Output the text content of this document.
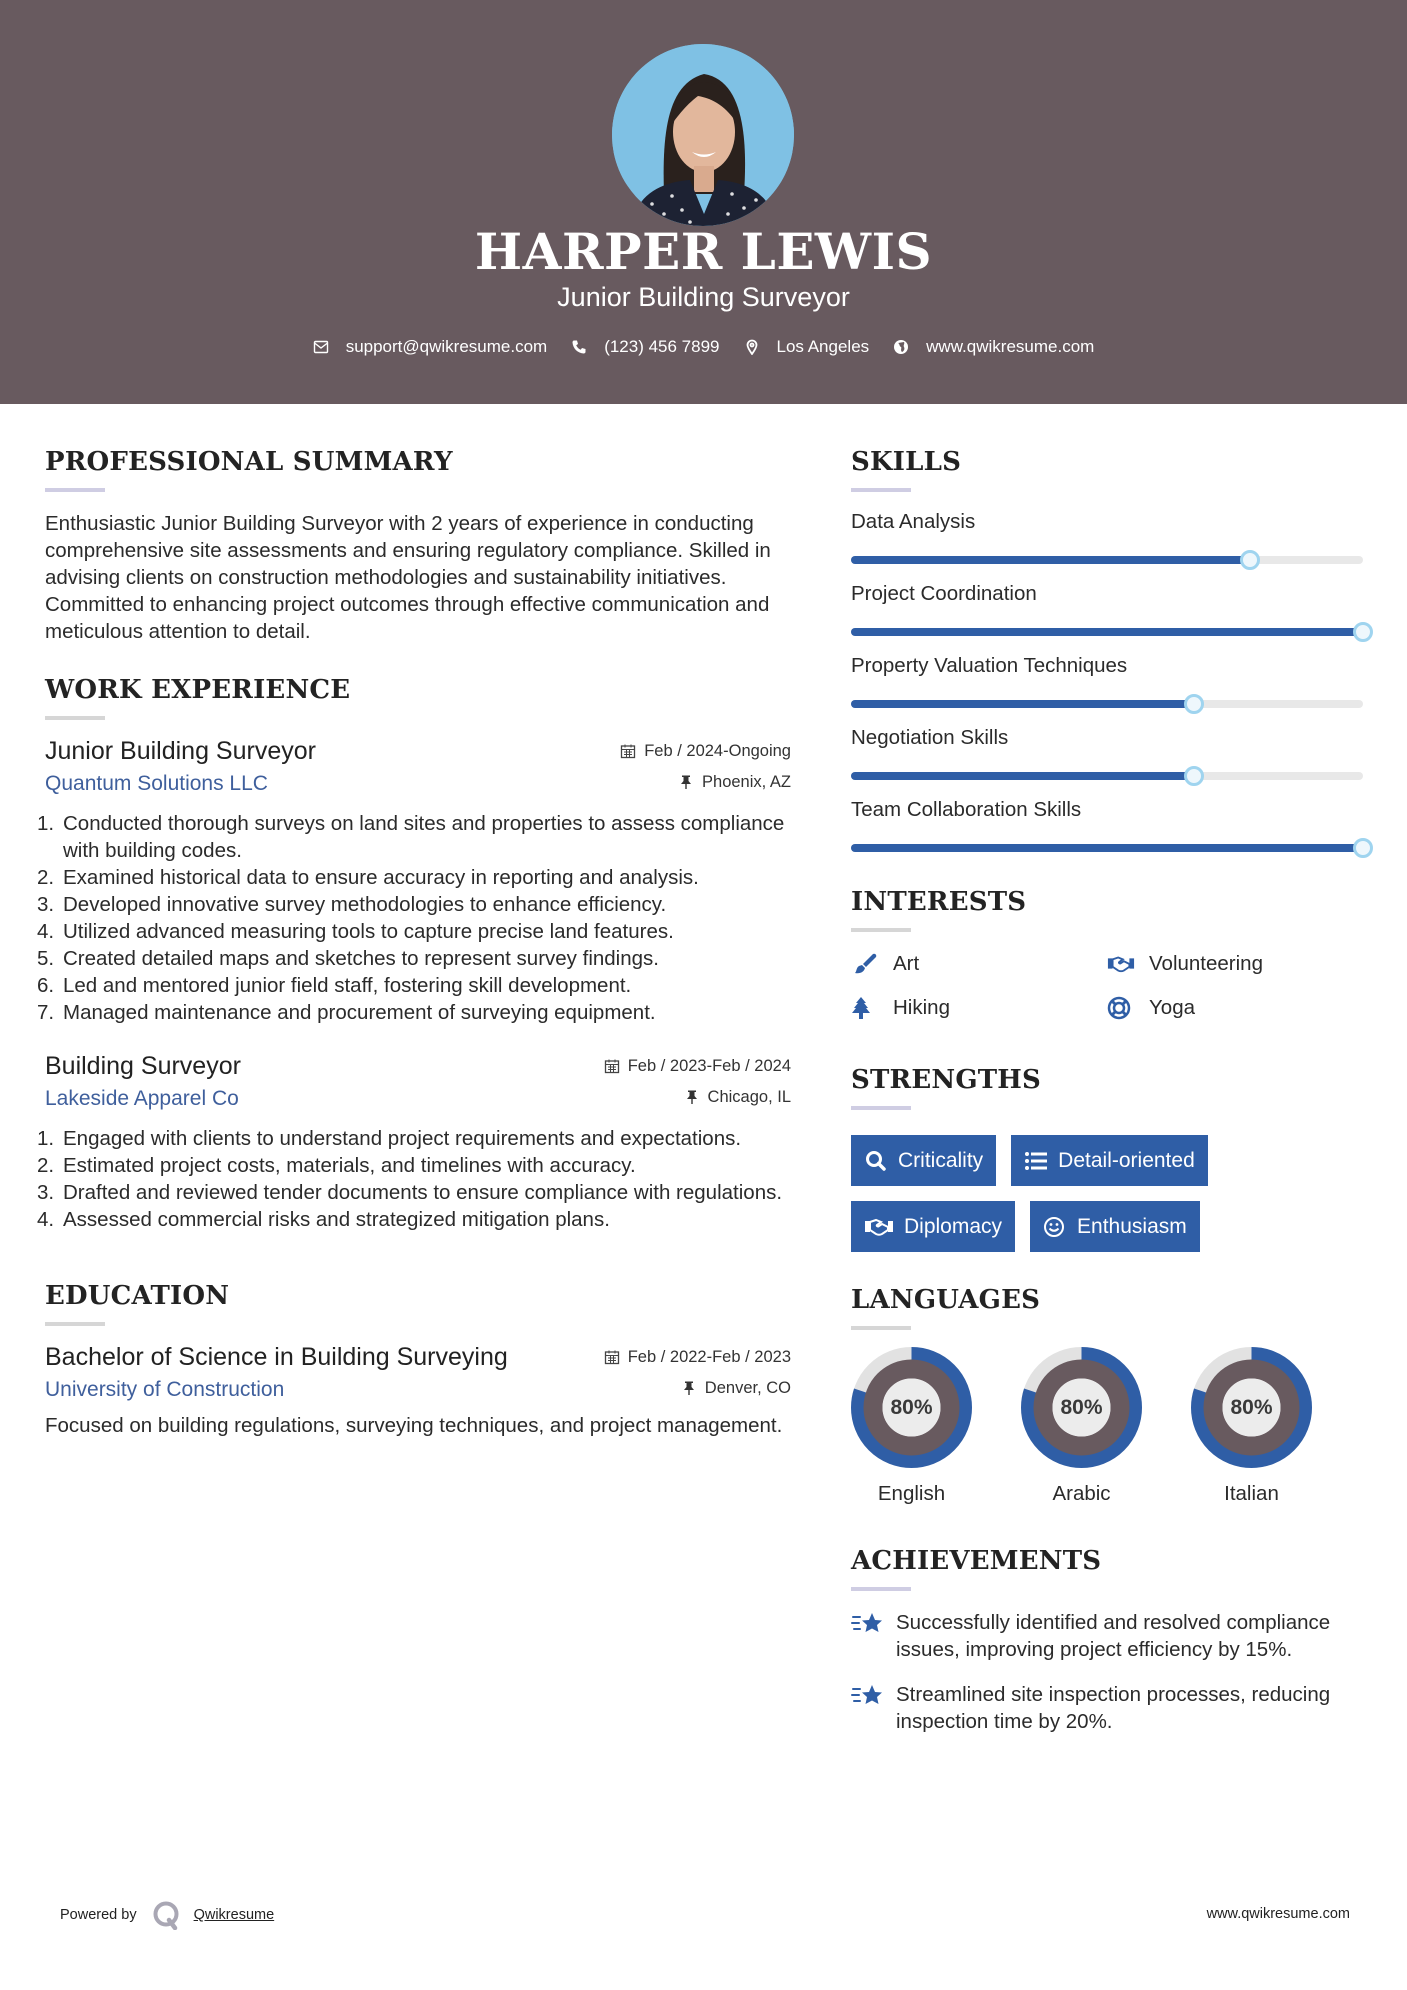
HARPER LEWIS
Junior Building Surveyor
support@qwikresume.com	(123) 456 7899	Los Angeles	www.qwikresume.com
PROFESSIONAL SUMMARY

Enthusiastic Junior Building Surveyor with 2 years of experience in conducting comprehensive site assessments and ensuring regulatory compliance. Skilled in advising clients on construction methodologies and sustainability initiatives. Committed to enhancing project outcomes through effective communication and meticulous attention to detail.

WORK EXPERIENCE
Junior Building Surveyor	Feb / 2024-Ongoing
Quantum Solutions LLC	Phoenix, AZ
1. Conducted thorough surveys on land sites and properties to assess compliance with building codes.
2. Examined historical data to ensure accuracy in reporting and analysis.
3. Developed innovative survey methodologies to enhance efficiency.
4. Utilized advanced measuring tools to capture precise land features.
5. Created detailed maps and sketches to represent survey findings.
6. Led and mentored junior field staff, fostering skill development.
7. Managed maintenance and procurement of surveying equipment.
Building Surveyor	Feb / 2023-Feb / 2024
Lakeside Apparel Co	Chicago, IL
1. Engaged with clients to understand project requirements and expectations.
2. Estimated project costs, materials, and timelines with accuracy.
3. Drafted and reviewed tender documents to ensure compliance with regulations.
4. Assessed commercial risks and strategized mitigation plans.
EDUCATION
Bachelor of Science in Building Surveying	Feb / 2022-Feb / 2023
University of Construction	Denver, CO

Focused on building regulations, surveying techniques, and project management.

SKILLS
Data Analysis
Project Coordination
Property Valuation Techniques
Negotiation Skills
Team Collaboration Skills
INTERESTS
Art	Volunteering
Hiking	Yoga
STRENGTHS
Criticality	Detail-oriented
Diplomacy	Enthusiasm
LANGUAGES
80%
English
80%
Arabic
80%
Italian
ACHIEVEMENTS
Successfully identified and resolved compliance issues, improving project efficiency by 15%.
Streamlined site inspection processes, reducing inspection time by 20%.
Powered by	Qwikresume	www.qwikresume.com
